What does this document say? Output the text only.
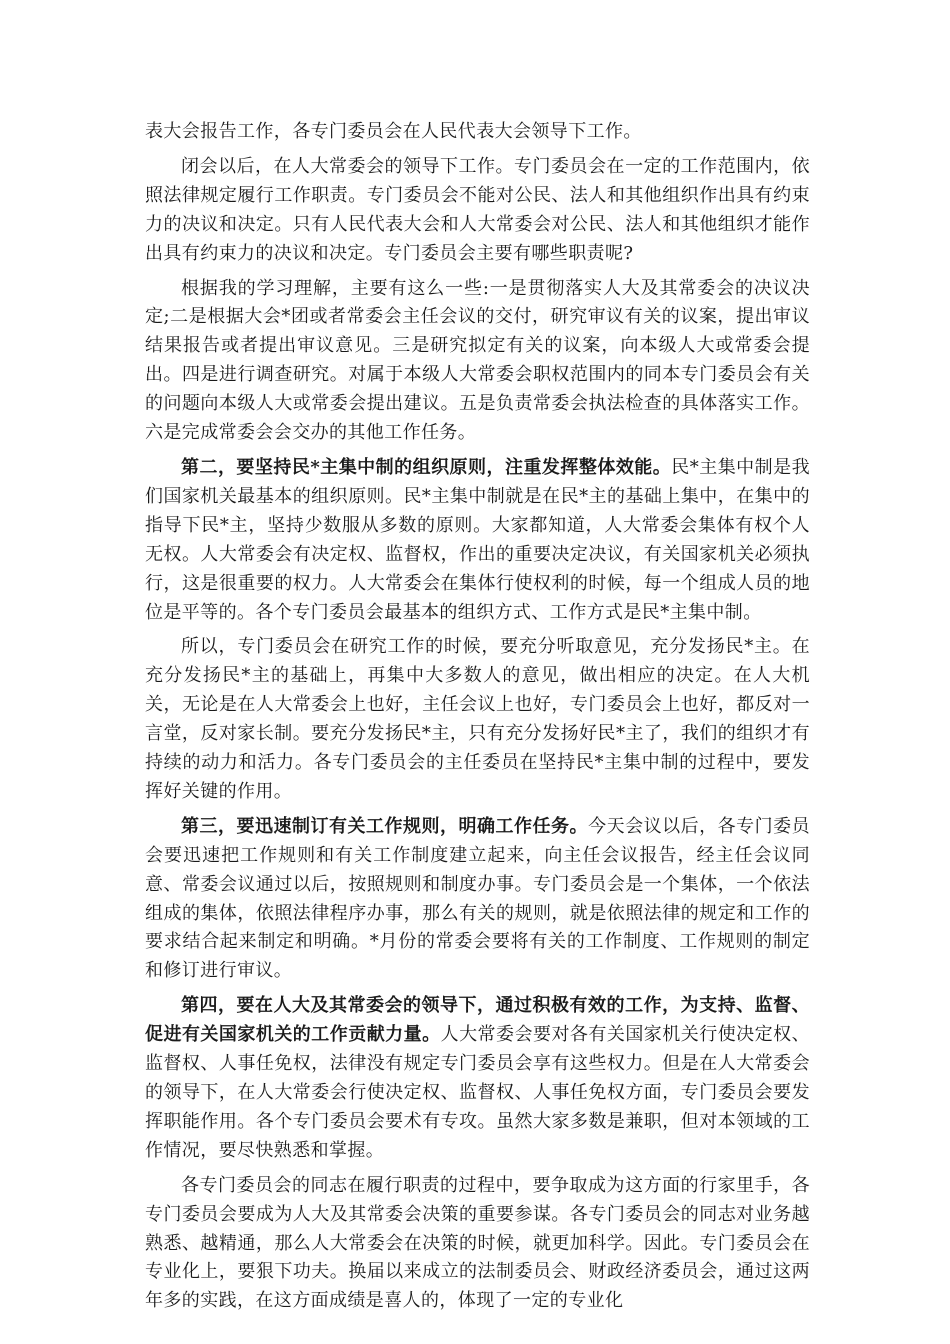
表大会报告工作，各专门委员会在人民代表大会领导下工作。

闭会以后，在人大常委会的领导下工作。专门委员会在一定的工作范围内，依照法律规定履行工作职责。专门委员会不能对公民、法人和其他组织作出具有约束力的决议和决定。只有人民代表大会和人大常委会对公民、法人和其他组织才能作出具有约束力的决议和决定。专门委员会主要有哪些职责呢?

根据我的学习理解，主要有这么一些:一是贯彻落实人大及其常委会的决议决定;二是根据大会*团或者常委会主任会议的交付，研究审议有关的议案，提出审议结果报告或者提出审议意见。三是研究拟定有关的议案，向本级人大或常委会提出。四是进行调查研究。对属于本级人大常委会职权范围内的同本专门委员会有关的问题向本级人大或常委会提出建议。五是负责常委会执法检查的具体落实工作。六是完成常委会会交办的其他工作任务。

第二，要坚持民*主集中制的组织原则，注重发挥整体效能。民*主集中制是我们国家机关最基本的组织原则。民*主集中制就是在民*主的基础上集中，在集中的指导下民*主，坚持少数服从多数的原则。大家都知道，人大常委会集体有权个人无权。人大常委会有决定权、监督权，作出的重要决定决议，有关国家机关必须执行，这是很重要的权力。人大常委会在集体行使权利的时候，每一个组成人员的地位是平等的。各个专门委员会最基本的组织方式、工作方式是民*主集中制。

所以，专门委员会在研究工作的时候，要充分听取意见，充分发扬民*主。在充分发扬民*主的基础上，再集中大多数人的意见，做出相应的决定。在人大机关，无论是在人大常委会上也好，主任会议上也好，专门委员会上也好，都反对一言堂，反对家长制。要充分发扬民*主，只有充分发扬好民*主了，我们的组织才有持续的动力和活力。各专门委员会的主任委员在坚持民*主集中制的过程中，要发挥好关键的作用。

第三，要迅速制订有关工作规则，明确工作任务。今天会议以后，各专门委员会要迅速把工作规则和有关工作制度建立起来，向主任会议报告，经主任会议同意、常委会议通过以后，按照规则和制度办事。专门委员会是一个集体，一个依法组成的集体，依照法律程序办事，那么有关的规则，就是依照法律的规定和工作的要求结合起来制定和明确。*月份的常委会要将有关的工作制度、工作规则的制定和修订进行审议。

第四，要在人大及其常委会的领导下，通过积极有效的工作，为支持、监督、促进有关国家机关的工作贡献力量。人大常委会要对各有关国家机关行使决定权、监督权、人事任免权，法律没有规定专门委员会享有这些权力。但是在人大常委会的领导下，在人大常委会行使决定权、监督权、人事任免权方面，专门委员会要发挥职能作用。各个专门委员会要术有专攻。虽然大家多数是兼职，但对本领域的工作情况，要尽快熟悉和掌握。

各专门委员会的同志在履行职责的过程中，要争取成为这方面的行家里手，各专门委员会要成为人大及其常委会决策的重要参谋。各专门委员会的同志对业务越熟悉、越精通，那么人大常委会在决策的时候，就更加科学。因此。专门委员会在专业化上，要狠下功夫。换届以来成立的法制委员会、财政经济委员会，通过这两年多的实践，在这方面成绩是喜人的，体现了一定的专业化
